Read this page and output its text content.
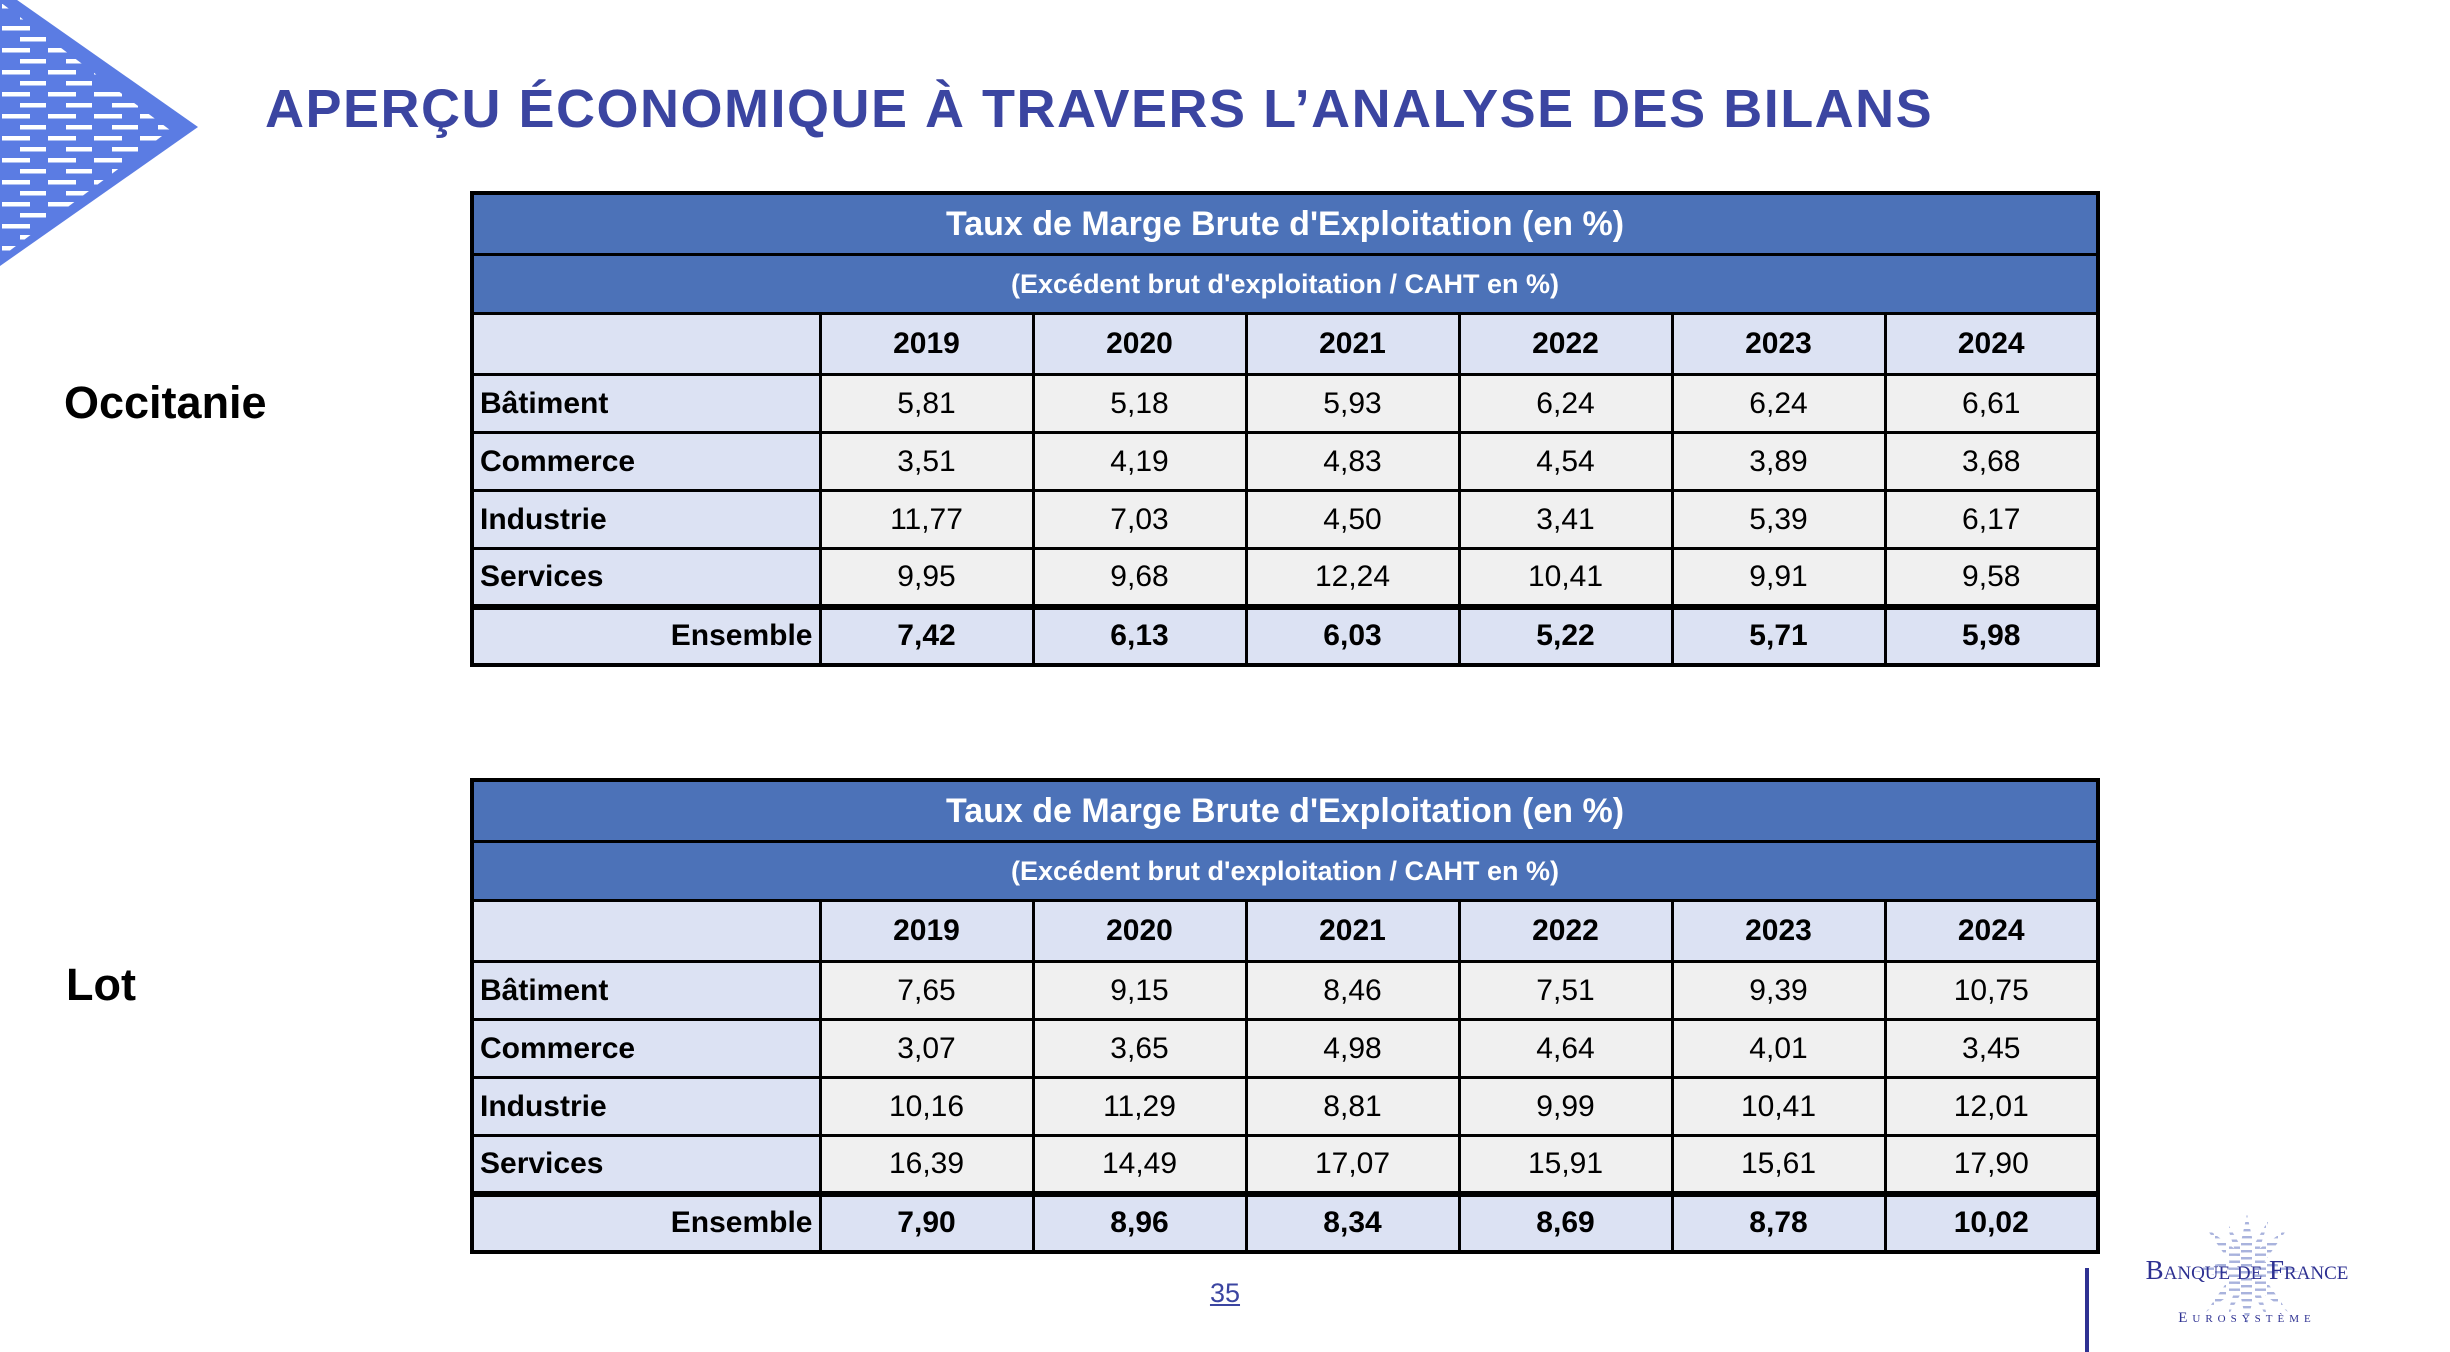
APERÇU ÉCONOMIQUE À TRAVERS L’ANALYSE DES BILANS
Occitanie
Lot
Taux de Marge Brute d'Exploitation (en %)						
(Excédent brut d'exploitation / CAHT en %)						
	2019	2020	2021	2022	2023	2024
Bâtiment	5,81	5,18	5,93	6,24	6,24	6,61
Commerce	3,51	4,19	4,83	4,54	3,89	3,68
Industrie	11,77	7,03	4,50	3,41	5,39	6,17
Services	9,95	9,68	12,24	10,41	9,91	9,58
Ensemble	7,42	6,13	6,03	5,22	5,71	5,98
Taux de Marge Brute d'Exploitation (en %)						
(Excédent brut d'exploitation / CAHT en %)						
	2019	2020	2021	2022	2023	2024
Bâtiment	7,65	9,15	8,46	7,51	9,39	10,75
Commerce	3,07	3,65	4,98	4,64	4,01	3,45
Industrie	10,16	11,29	8,81	9,99	10,41	12,01
Services	16,39	14,49	17,07	15,91	15,61	17,90
Ensemble	7,90	8,96	8,34	8,69	8,78	10,02
35
Banque de France
Eurosystème
